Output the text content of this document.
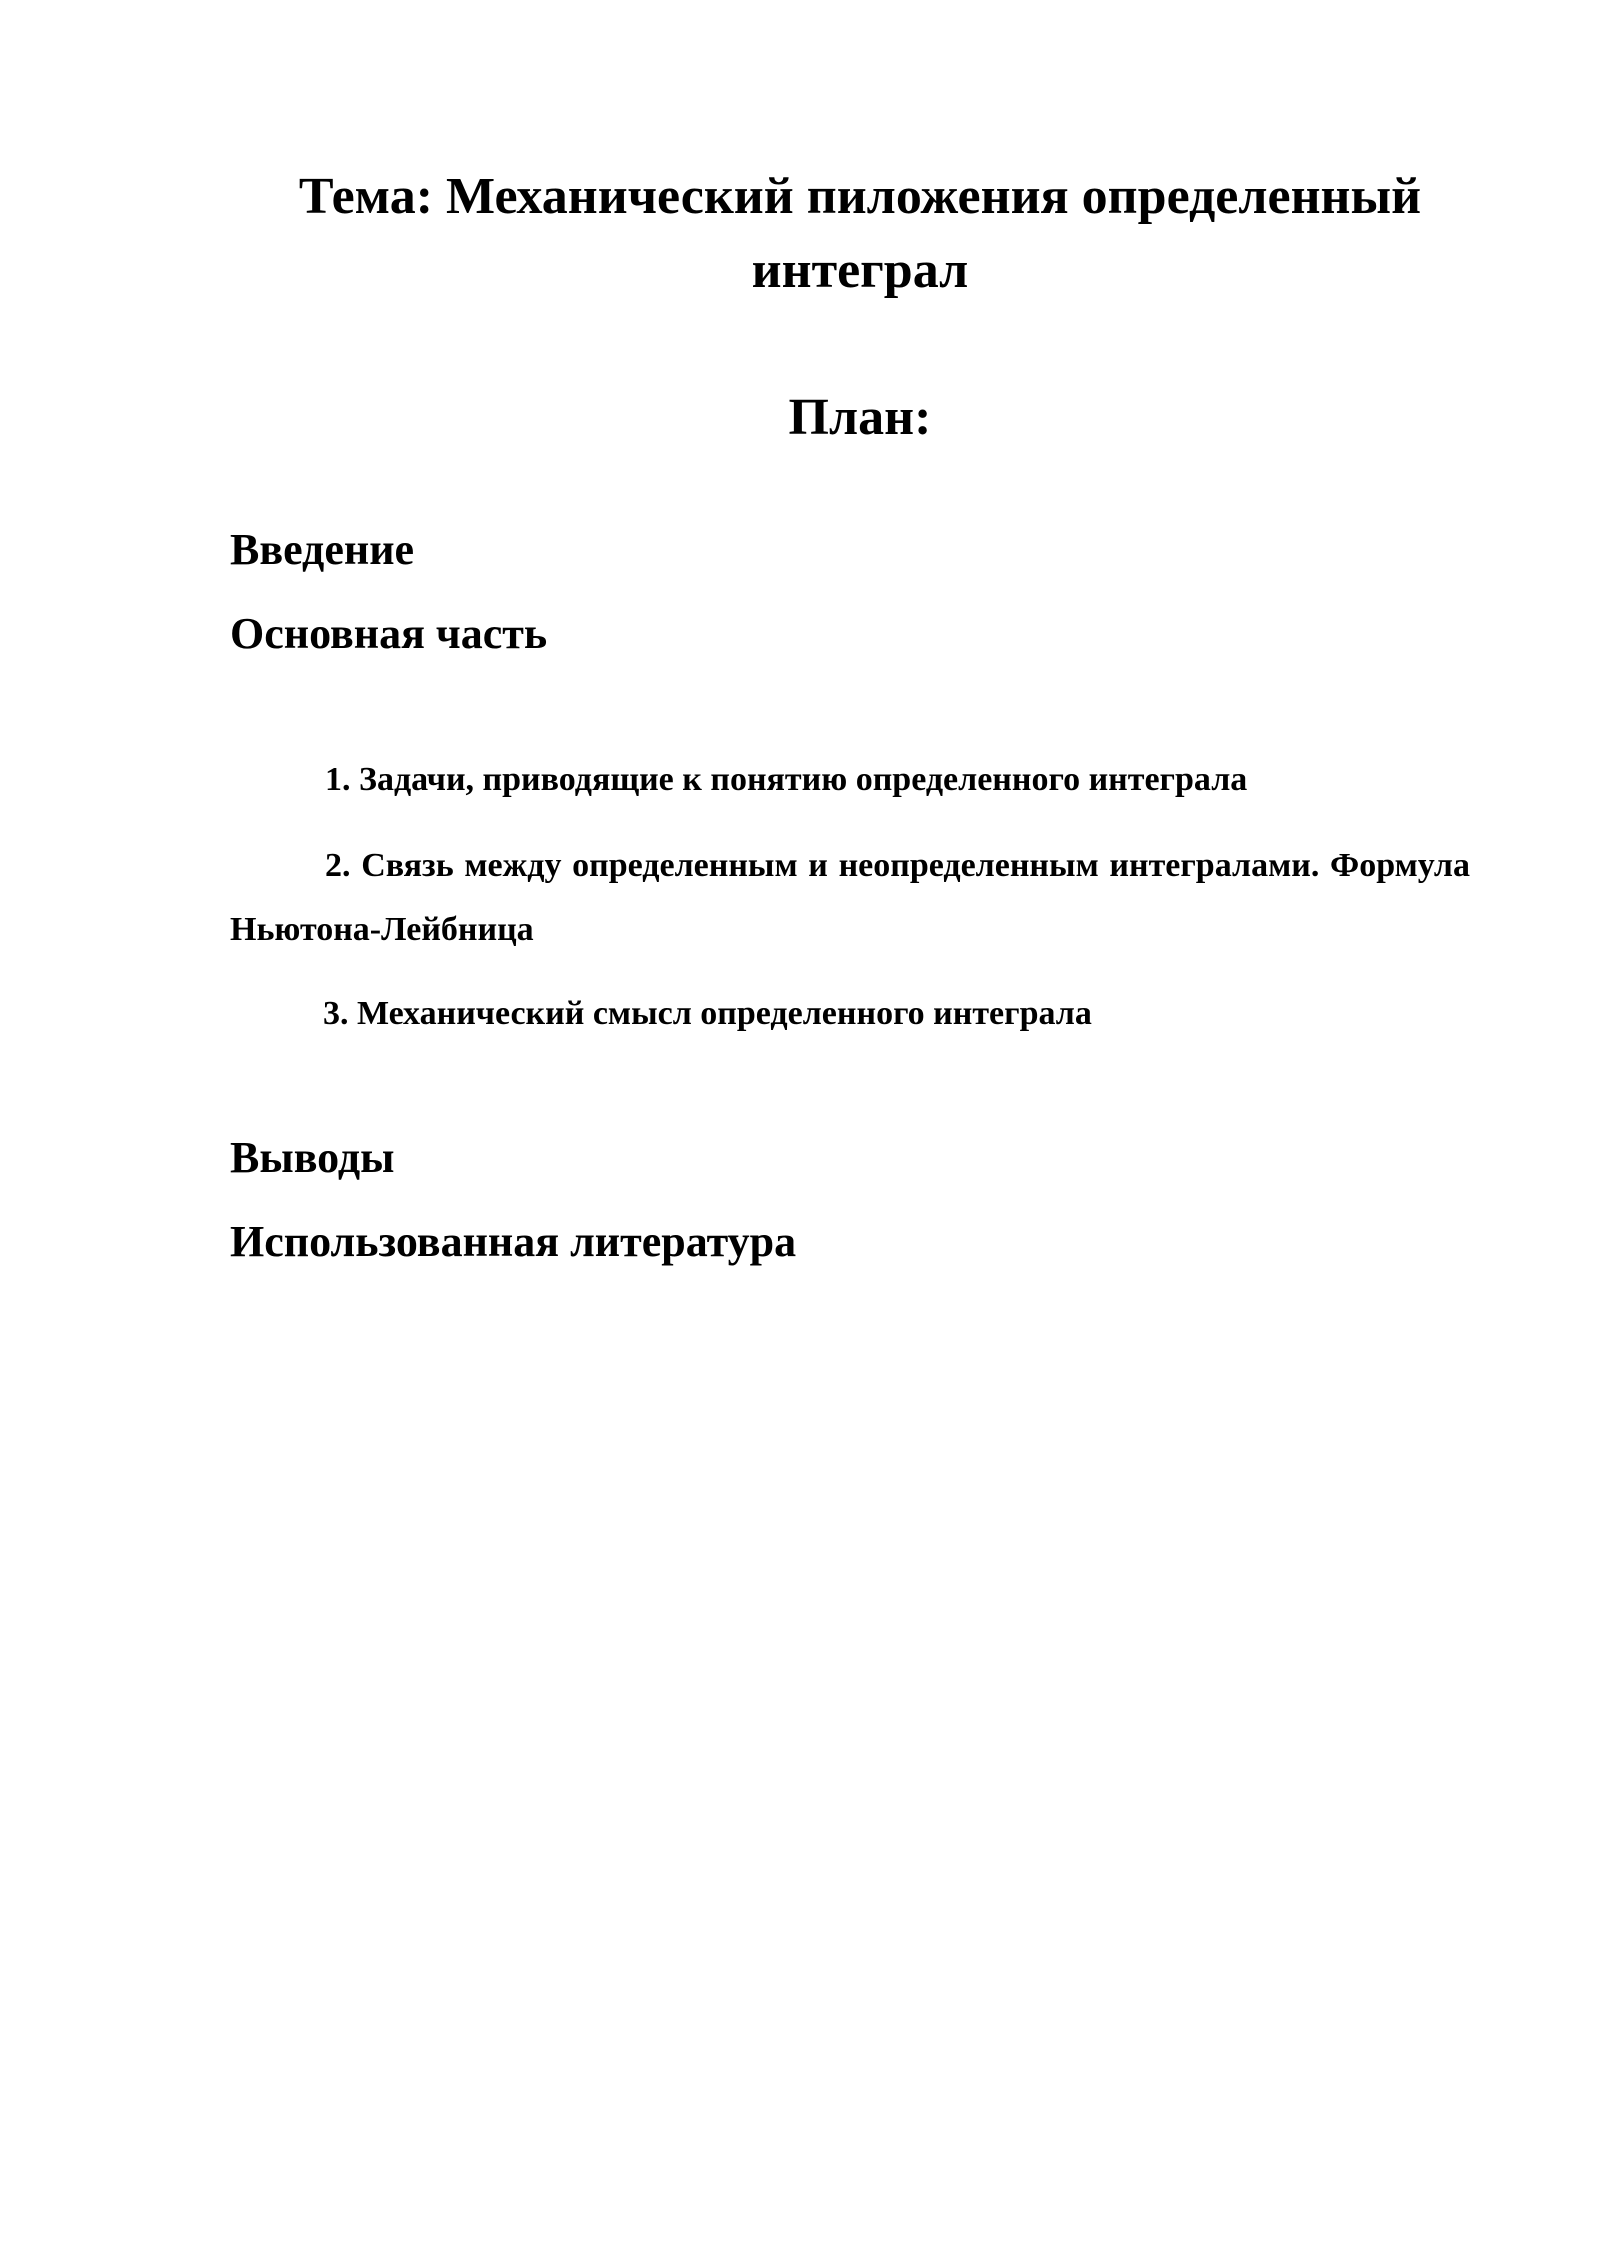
Тема: Механический пиложения определенный интеграл
План:
Введение
Основная часть

1. Задачи, приводящие к понятию определенного интеграла

2. Связь между определенным и неопределенным интегралами. Формула Ньютона-Лейбница

3. Механический смысл определенного интеграла

Выводы
Использованная литература
